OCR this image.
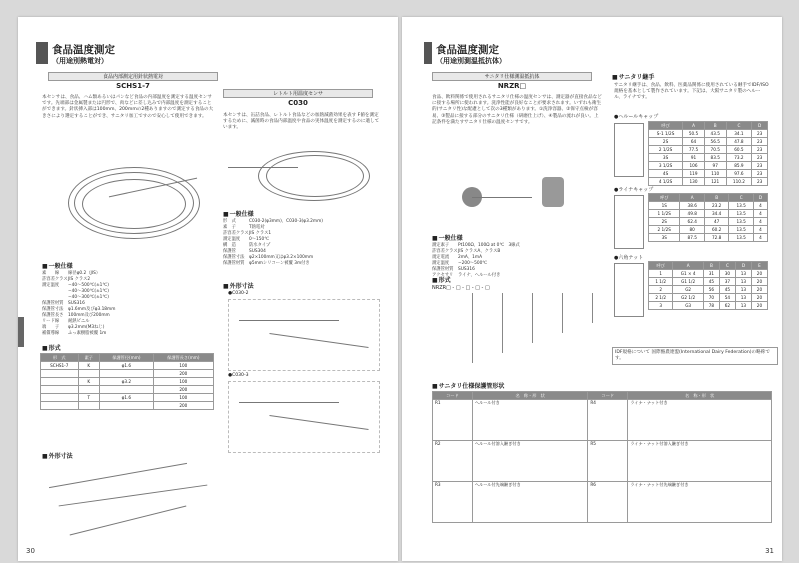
食品温度測定
（用途別熱電対）
食品内部測定用針状熱電対
SCHS1-7
本センサは、食品、ハム類あるいはパンなど食品の内部温度を測定する温度センサです。先端部は金属製または円形で、肉などに差し込みで内部温度を測定することができます。針状挿入部は100mm、200mmの2種ありますので測定する食品の大きさにより選定することができ、サニタリ加工ですので安心して使用できます。
■ 一般仕様
素　　線 線径φ0.2（JIS）
許容差クラスJIS クラス2
測定温度 −40〜500℃(±1℃)
−40〜300℃(±1℃)
−40〜300℃(±1℃)
保護管材質 SUS316
保護管寸法 φ1.6mm及びφ3.18mm
保護管長さ 100mm及び200mm
リード線 耐熱ビニル
端　　子 φ3.2mm(M3ねじ)
補償導線 ふっ素樹脂被覆 1m
■ 形式
形　式	素子	保護管径(mm)	保護管長さ(mm)
SCHS1-7	K	φ1.6	100
			200
	K	φ3.2	100
			200
	T	φ1.6	100
			200
■ 外形寸法
レトルト用温度センサ
C030
本センサは、缶詰食品、レトルト食品などの加熱滅菌効果を表す F値を測定するために、滅菌時の食品内部温度や食品の実体温度を測定するのに適しています。
■ 一般仕様
形　式	C030-2(φ3mm)、C030-3(φ3.2mm)
素　子	T熱電対
許容差クラスJIS クラス1
測定温度 0〜150℃
構　造	防水タイプ
保護管	SUS304
保護管寸法 φ2×100mm又はφ3.2×100mm
保護管材質 φ5mmシリコーン被覆 3m付き
■ 外形寸法
●C030-2
●C030-3
30
食品温度測定
（用途別測温抵抗体）
サニタリ仕様測温抵抗体
NRZR□
食品、飲料関係で使用されるサニタリ仕様の温度センサは、測定器が直接食品などに接する場所に使われます。洗浄性能が良好なことが要求されます。いずれも衛生的(サニタリ性)な配慮として次の3種類があります。①洗浄容器、②保守点検が容易、③製品に接する部分のサニタリ仕様（研磨仕上げ）、④製品の流れが良い。上記条件を満たすサニタリ仕様の温度センサです。
■ 一般仕様
測定素子 Pt100Ω、100Ω at 0℃　3線式
許容差クラスJIS クラスA、クラスB
規定電流 2mA、1mA
測定温度 −200〜500℃
保護管材質 SUS316
アクセサリ ライナ、ヘルール付き
■ 形式
NRZR□ - □ - □ - □ - □
■ サニタリ仕様保護管形状
コード	名　称・形　状	コード	名　称・形　状
R1	ヘルール付き	R4	ライナ・ナット付き
R2	ヘルール付溶入継ぎ付き	R5	ライナ・ナット付溶入継ぎ付き
R3	ヘルール付先端継ぎ付き	R6	ライナ・ナット付先端継ぎ付き
■ サニタリ継手
サニタリ継手は、食品、飲料、医薬品関係に使用されている継手でIDF/ISO規格を基本として製作されています。下記は、大阪サニタリ製のヘルール、ライナです。
●ヘルールキャップ
呼び	A	B	C	D
S-1 1/2S	50.5	43.5	34.1	23
2S	64	56.5	47.8	23
2 1/2S	77.5	70.5	60.5	23
3S	91	83.5	73.2	23
3 1/2S	106	97	85.9	23
4S	119	110	97.6	23
4 1/2S	130	121	110.2	23
●ライナキャップ
呼び	A	B	C	D
1S	38.6	23.2	13.5	4
1 1/2S	49.8	34.4	13.5	4
2S	62.4	47	13.5	4
2 1/2S	80	60.2	13.5	4
3S	87.5	72.8	13.5	4
●六角ナット
呼び	A	B	C	D	E
1	G1 × 4	31	30	13	20
1 1/2	G1 1/2	45	37	13	20
2	G2	56	45	13	20
2 1/2	G2 1/2	70	54	13	20
3	G3	78	62	13	20
IDF規格について 国際酪農連盟(International Dairy Federation)の略称です。
31
